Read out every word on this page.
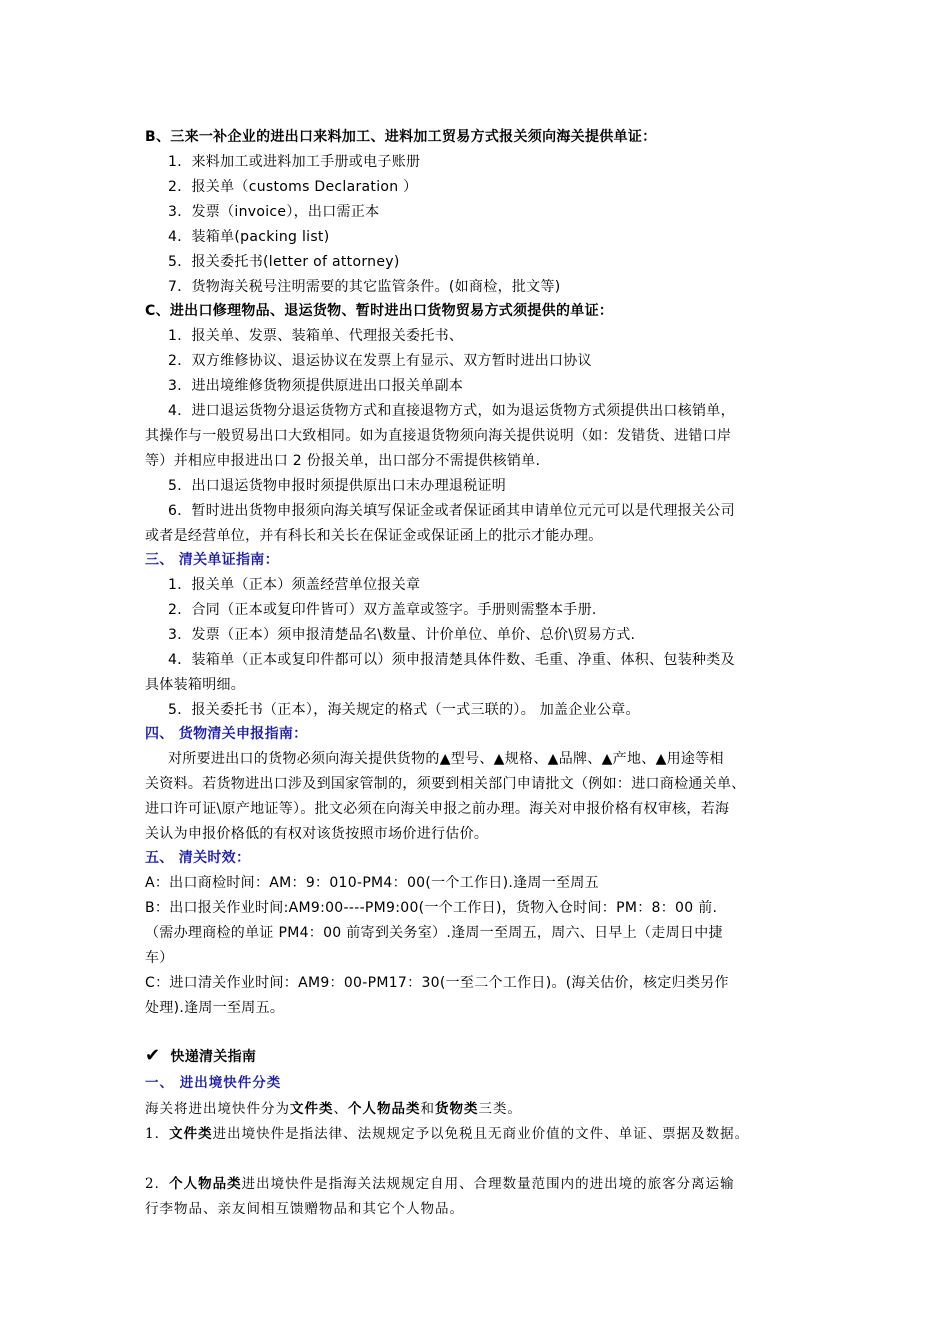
B、三来一补企业的进出口来料加工、进料加工贸易方式报关须向海关提供单证：
1．来料加工或进料加工手册或电子账册
2．报关单（customs Declaration ）
3．发票（invoice），出口需正本
4．装箱单(packing list)
5．报关委托书(letter of attorney)
7．货物海关税号注明需要的其它监管条件。(如商检，批文等)
C、进出口修理物品、退运货物、暂时进出口货物贸易方式须提供的单证：
1．报关单、发票、装箱单、代理报关委托书、
2．双方维修协议、退运协议在发票上有显示、双方暂时进出口协议
3．进出境维修货物须提供原进出口报关单副本
4．进口退运货物分退运货物方式和直接退物方式，如为退运货物方式须提供出口核销单，
其操作与一般贸易出口大致相同。如为直接退货物须向海关提供说明（如：发错货、进错口岸
等）并相应申报进出口 2 份报关单，出口部分不需提供核销单.
5．出口退运货物申报时须提供原出口末办理退税证明
6．暂时进出货物申报须向海关填写保证金或者保证函其申请单位元元可以是代理报关公司
或者是经营单位，并有科长和关长在保证金或保证函上的批示才能办理。
三、 清关单证指南：
1．报关单（正本）须盖经营单位报关章
2．合同（正本或复印件皆可）双方盖章或签字。手册则需整本手册.
3．发票（正本）须申报清楚品名\数量、计价单位、单价、总价\贸易方式.
4．装箱单（正本或复印件都可以）须申报清楚具体件数、毛重、净重、体积、包装种类及
具体装箱明细。
5．报关委托书（正本），海关规定的格式（一式三联的）。 加盖企业公章。
四、 货物清关申报指南：
对所要进出口的货物必须向海关提供货物的▲型号、▲规格、▲品牌、▲产地、▲用途等相
关资料。若货物进出口涉及到国家管制的，须要到相关部门申请批文（例如：进口商检通关单、
进口许可证\原产地证等）。批文必须在向海关申报之前办理。海关对申报价格有权审核，若海
关认为申报价格低的有权对该货按照市场价进行估价。
五、 清关时效：
A：出口商检时间：AM：9：010-PM4：00(一个工作日).逢周一至周五
B：出口报关作业时间:AM9:00----PM9:00(一个工作日)，货物入仓时间：PM：8：00 前.
（需办理商检的单证 PM4：00 前寄到关务室）.逢周一至周五，周六、日早上（走周日中捷
车）
C：进口清关作业时间：AM9：00-PM17：30(一至二个工作日)。(海关估价，核定归类另作
处理).逢周一至周五。
✔ 快递清关指南
一、 进出境快件分类
海关将进出境快件分为文件类、个人物品类和货物类三类。
1．文件类进出境快件是指法律、法规规定予以免税且无商业价值的文件、单证、票据及数据。
2．个人物品类进出境快件是指海关法规规定自用、合理数量范围内的进出境的旅客分离运输
行李物品、亲友间相互馈赠物品和其它个人物品。
